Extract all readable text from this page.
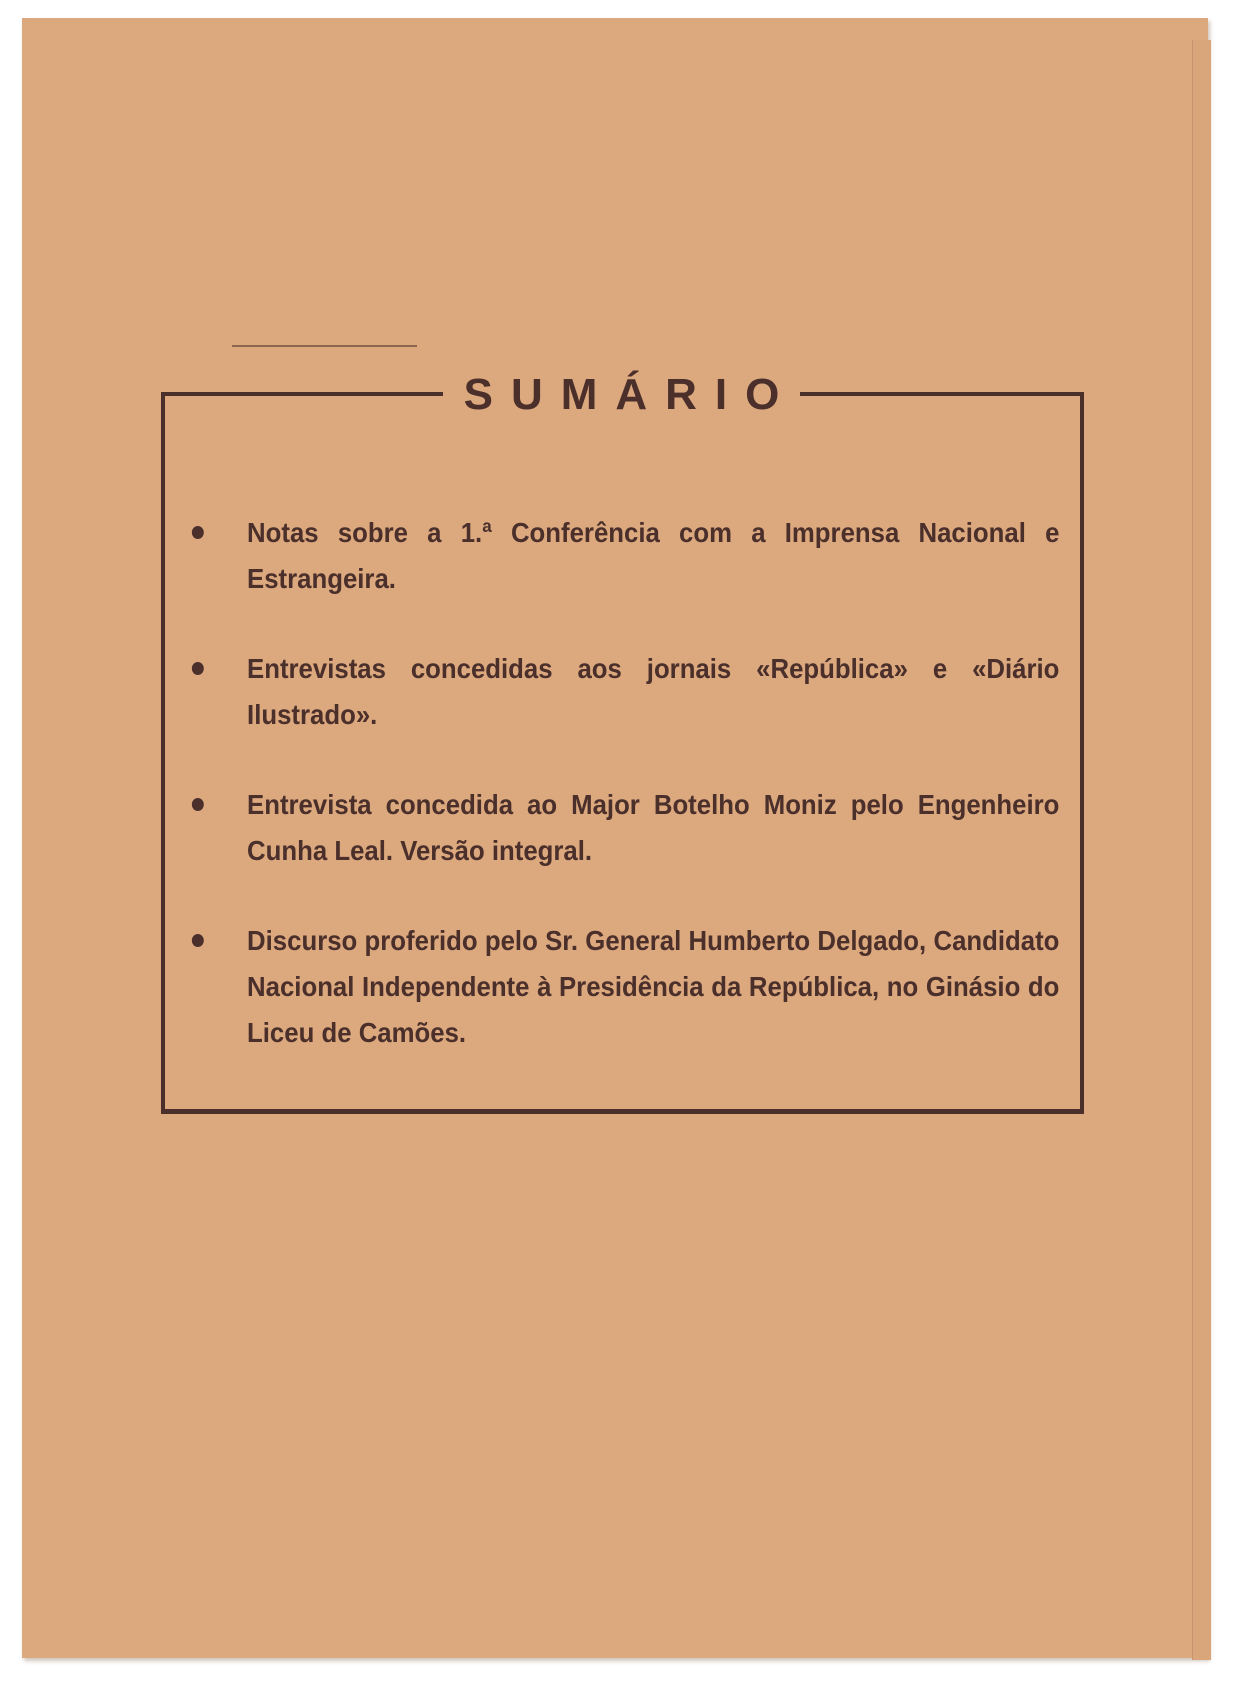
SUMÁRIO
Notas sobre a 1.ª Conferência com a Imprensa Nacional e Estrangeira.
Entrevistas concedidas aos jornais «República» e «Diário Ilustrado».
Entrevista concedida ao Major Botelho Moniz pelo Engenheiro Cunha Leal. Versão integral.
Discurso proferido pelo Sr. General Humberto Delgado, Candidato Nacional Independente à Presidência da República, no Ginásio do Liceu de Camões.
